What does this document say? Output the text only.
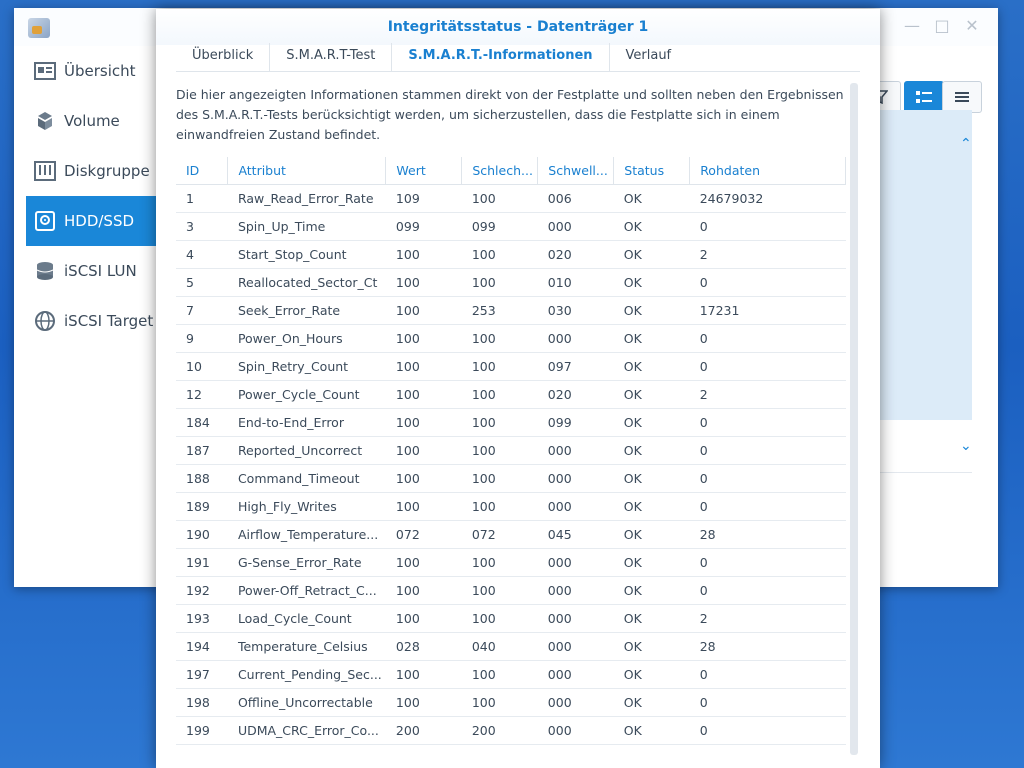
— □ ✕
Übersicht
Volume
Diskgruppe
HDD/SSD
iSCSI LUN
iSCSI Target
⌃
⌄
Integritätsstatus - Datenträger 1
Überblick	S.M.A.R.T-Test	S.M.A.R.T.-Informationen	Verlauf
Die hier angezeigten Informationen stammen direkt von der Festplatte und sollten neben den Ergebnissen des S.M.A.R.T.-Tests berücksichtigt werden, um sicherzustellen, dass die Festplatte sich in einem einwandfreien Zustand befindet.
ID	Attribut	Wert	Schlech...	Schwell...	Status	Rohdaten
1	Raw_Read_Error_Rate	109	100	006	OK	24679032
3	Spin_Up_Time	099	099	000	OK	0
4	Start_Stop_Count	100	100	020	OK	2
5	Reallocated_Sector_Ct	100	100	010	OK	0
7	Seek_Error_Rate	100	253	030	OK	17231
9	Power_On_Hours	100	100	000	OK	0
10	Spin_Retry_Count	100	100	097	OK	0
12	Power_Cycle_Count	100	100	020	OK	2
184	End-to-End_Error	100	100	099	OK	0
187	Reported_Uncorrect	100	100	000	OK	0
188	Command_Timeout	100	100	000	OK	0
189	High_Fly_Writes	100	100	000	OK	0
190	Airflow_Temperature...	072	072	045	OK	28
191	G-Sense_Error_Rate	100	100	000	OK	0
192	Power-Off_Retract_C...	100	100	000	OK	0
193	Load_Cycle_Count	100	100	000	OK	2
194	Temperature_Celsius	028	040	000	OK	28
197	Current_Pending_Sec...	100	100	000	OK	0
198	Offline_Uncorrectable	100	100	000	OK	0
199	UDMA_CRC_Error_Co...	200	200	000	OK	0
